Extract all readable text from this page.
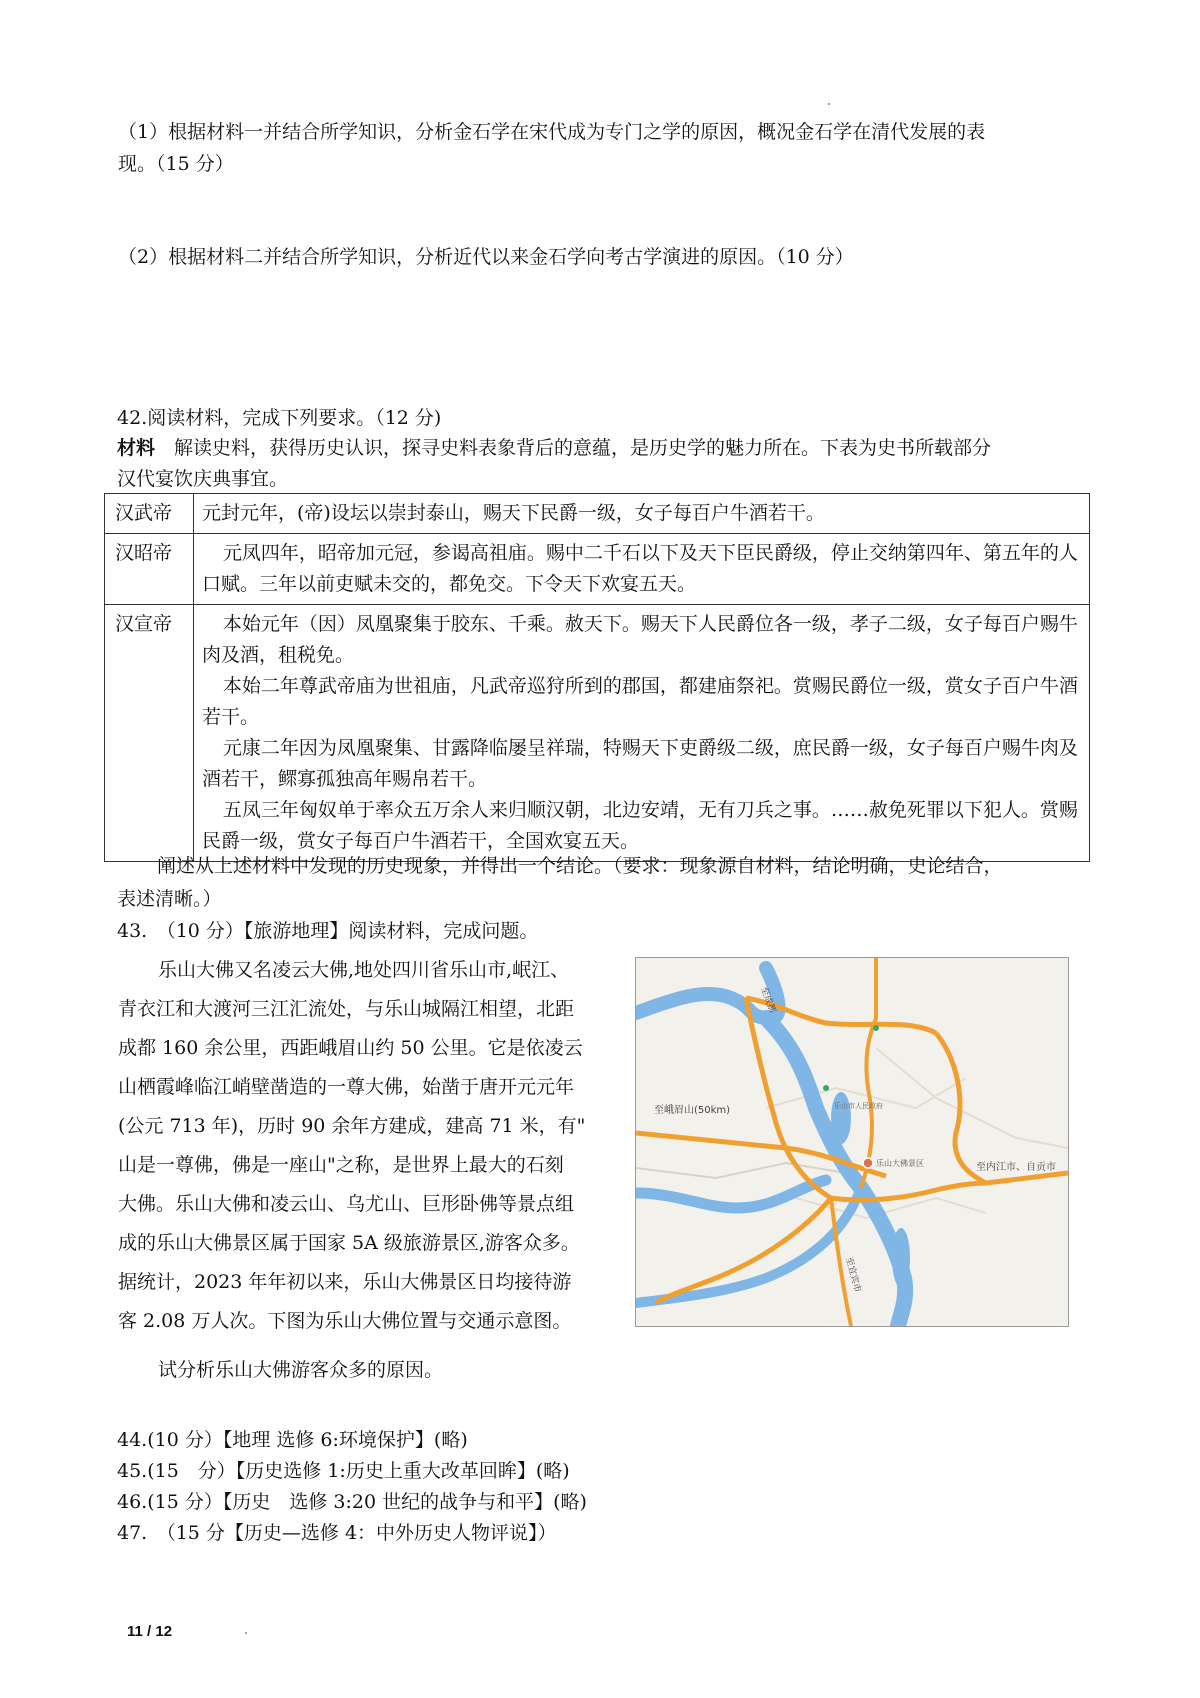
（1）根据材料一并结合所学知识，分析金石学在宋代成为专门之学的原因，概况金石学在清代发展的表
现。（15 分）
（2）根据材料二并结合所学知识，分析近代以来金石学向考古学演进的原因。（10 分）
42.阅读材料，完成下列要求。（12 分)
材料　解读史料，获得历史认识，探寻史料表象背后的意蕴，是历史学的魅力所在。下表为史书所载部分
汉代宴饮庆典事宜。
汉武帝	元封元年，(帝)设坛以崇封泰山，赐天下民爵一级，女子每百户牛酒若干。

汉昭帝	元凤四年，昭帝加元冠，参谒高祖庙。赐中二千石以下及天下臣民爵级，停止交纳第四年、第五年的人口赋。三年以前吏赋未交的，都免交。下令天下欢宴五天。

汉宣帝	本始元年（因）凤凰聚集于胶东、千乘。赦天下。赐天下人民爵位各一级，孝子二级，女子每百户赐牛肉及酒，租税免。
本始二年尊武帝庙为世祖庙，凡武帝巡狩所到的郡国，都建庙祭祀。赏赐民爵位一级，赏女子百户牛酒若干。
元康二年因为凤凰聚集、甘露降临屡呈祥瑞，特赐天下吏爵级二级，庶民爵一级，女子每百户赐牛肉及酒若干，鳏寡孤独高年赐帛若干。
五凤三年匈奴单于率众五万余人来归顺汉朝，北边安靖，无有刀兵之事。……赦免死罪以下犯人。赏赐民爵一级，赏女子每百户牛酒若干，全国欢宴五天。
阐述从上述材料中发现的历史现象，并得出一个结论。（要求：现象源自材料，结论明确，史论结合，
表述清晰。）
43.　（10 分）【旅游地理】阅读材料，完成问题。
乐山大佛又名凌云大佛,地处四川省乐山市,岷江、
青衣江和大渡河三江汇流处，与乐山城隔江相望，北距
成都 160 余公里，西距峨眉山约 50 公里。它是依凌云
山栖霞峰临江峭壁凿造的一尊大佛，始凿于唐开元元年
(公元 713 年)，历时 90 余年方建成，建高 71 米，有"
山是一尊佛，佛是一座山"之称，是世界上最大的石刻
大佛。乐山大佛和凌云山、乌尤山、巨形卧佛等景点组
成的乐山大佛景区属于国家 5A 级旅游景区,游客众多。
据统计，2023 年年初以来，乐山大佛景区日均接待游
客 2.08 万人次。下图为乐山大佛位置与交通示意图。
试分析乐山大佛游客众多的原因。
至峨眉山(50km)
至内江市、自贡市
至成都
至宜宾市
乐山大佛景区
乐山市人民政府
44.(10 分）【地理 选修 6:环境保护】(略)
45.(15　分）【历史选修 1:历史上重大改革回眸】(略)
46.(15 分）【历史　选修 3:20 世纪的战争与和平】(略)
47.　（15 分【历史—选修 4：中外历史人物评说】）
11 / 12
